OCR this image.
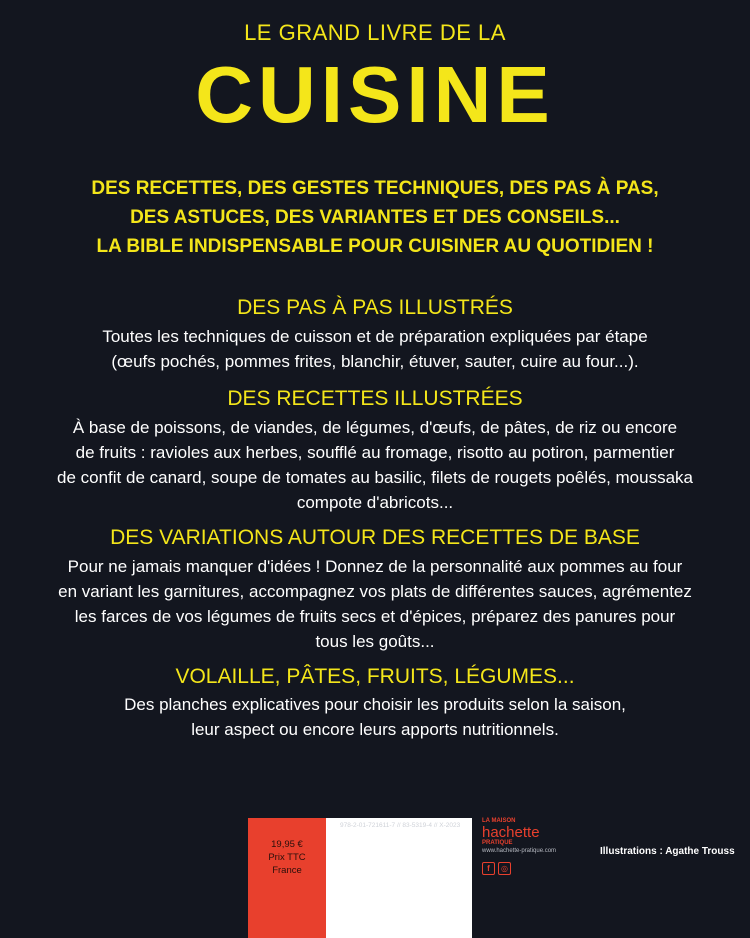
LE GRAND LIVRE DE LA
CUISINE
DES RECETTES, DES GESTES TECHNIQUES, DES PAS À PAS,
DES ASTUCES, DES VARIANTES ET DES CONSEILS...
LA BIBLE INDISPENSABLE POUR CUISINER AU QUOTIDIEN !
DES PAS À PAS ILLUSTRÉS
Toutes les techniques de cuisson et de préparation expliquées par étape
(œufs pochés, pommes frites, blanchir, étuver, sauter, cuire au four...).
DES RECETTES ILLUSTRÉES
À base de poissons, de viandes, de légumes, d'œufs, de pâtes, de riz ou encore
de fruits : ravioles aux herbes, soufflé au fromage, risotto au potiron, parmentier
de confit de canard, soupe de tomates au basilic, filets de rougets poêlés, moussaka
compote d'abricots...
DES VARIATIONS AUTOUR DES RECETTES DE BASE
Pour ne jamais manquer d'idées ! Donnez de la personnalité aux pommes au four
en variant les garnitures, accompagnez vos plats de différentes sauces, agrémentez
les farces de vos légumes de fruits secs et d'épices, préparez des panures pour
tous les goûts...
VOLAILLE, PÂTES, FRUITS, LÉGUMES...
Des planches explicatives pour choisir les produits selon la saison,
leur aspect ou encore leurs apports nutritionnels.
19,95 €
Prix TTC
France
978-2-01-721611-7 // 83-5319-4 // X-2023
LA MAISON
hachette
PRATIQUE
www.hachette-pratique.com
f	◎
Illustrations : Agathe Trouss
